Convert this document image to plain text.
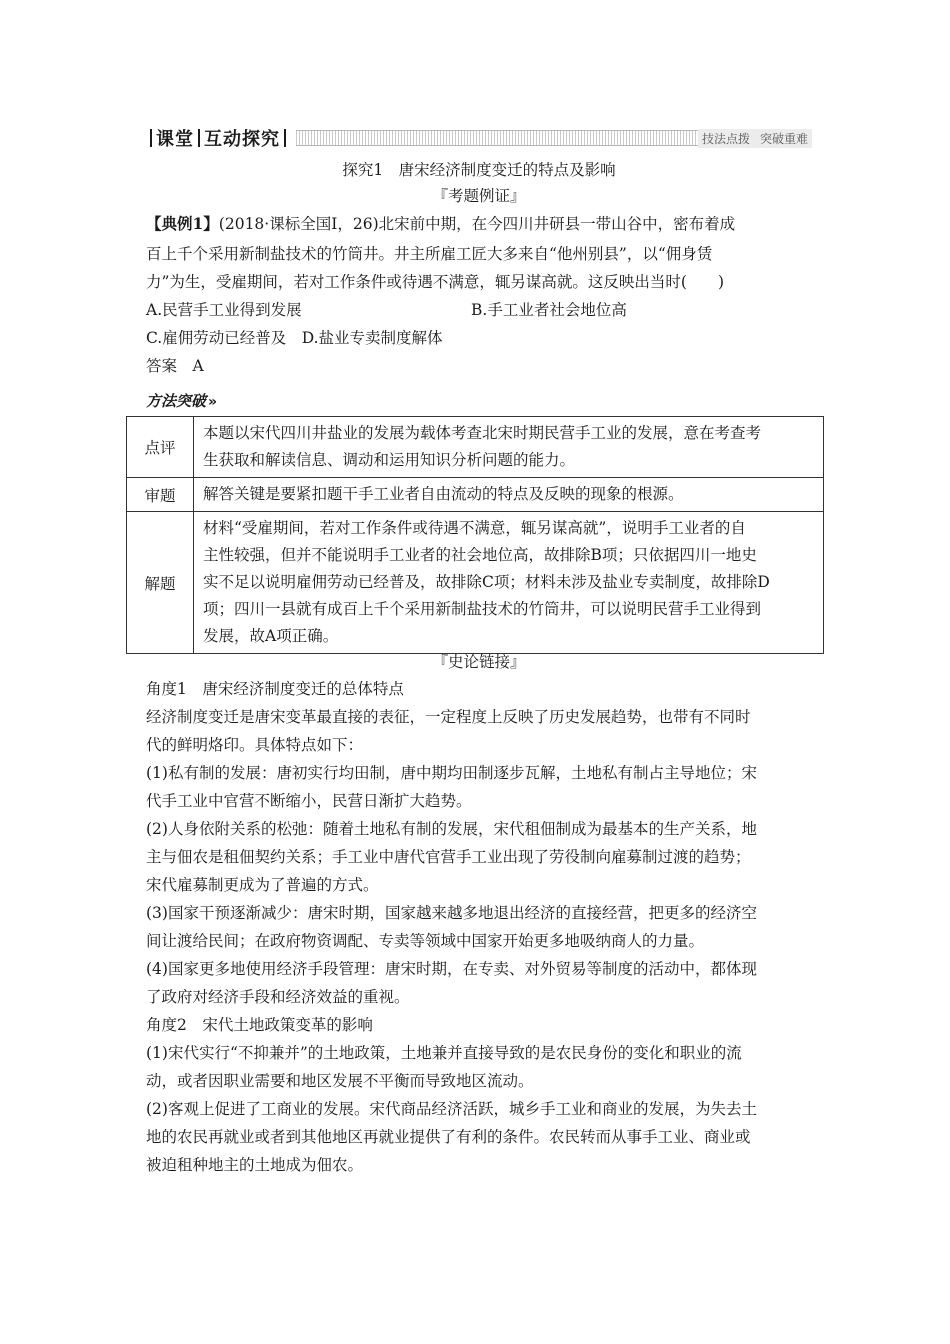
课堂 互动探究	技法点拨 突破重难
探究1　唐宋经济制度变迁的特点及影响
『考题例证』
【典例1】(2018·课标全国Ⅰ，26)北宋前中期，在今四川井研县一带山谷中，密布着成
百上千个采用新制盐技术的竹筒井。井主所雇工匠大多来自“他州别县”，以“佣身赁
力”为生，受雇期间，若对工作条件或待遇不满意，辄另谋高就。这反映出当时(　　)
A.民营手工业得到发展	B.手工业者社会地位高
C.雇佣劳动已经普及　D.盐业专卖制度解体
答案　A
方法突破 »
点评	本题以宋代四川井盐业的发展为载体考查北宋时期民营手工业的发展，意在考查考
生获取和解读信息、调动和运用知识分析问题的能力。

审题	解答关键是要紧扣题干手工业者自由流动的特点及反映的现象的根源。

解题	材料“受雇期间，若对工作条件或待遇不满意，辄另谋高就”，说明手工业者的自
主性较强，但并不能说明手工业者的社会地位高，故排除B项；只依据四川一地史
实不足以说明雇佣劳动已经普及，故排除C项；材料未涉及盐业专卖制度，故排除D
项；四川一县就有成百上千个采用新制盐技术的竹筒井，可以说明民营手工业得到
发展，故A项正确。
『史论链接』
角度1　唐宋经济制度变迁的总体特点
经济制度变迁是唐宋变革最直接的表征，一定程度上反映了历史发展趋势，也带有不同时
代的鲜明烙印。具体特点如下：
(1)私有制的发展：唐初实行均田制，唐中期均田制逐步瓦解，土地私有制占主导地位；宋
代手工业中官营不断缩小，民营日渐扩大趋势。
(2)人身依附关系的松弛：随着土地私有制的发展，宋代租佃制成为最基本的生产关系，地
主与佃农是租佃契约关系；手工业中唐代官营手工业出现了劳役制向雇募制过渡的趋势；
宋代雇募制更成为了普遍的方式。
(3)国家干预逐渐减少：唐宋时期，国家越来越多地退出经济的直接经营，把更多的经济空
间让渡给民间；在政府物资调配、专卖等领域中国家开始更多地吸纳商人的力量。
(4)国家更多地使用经济手段管理：唐宋时期，在专卖、对外贸易等制度的活动中，都体现
了政府对经济手段和经济效益的重视。
角度2　宋代土地政策变革的影响
(1)宋代实行“不抑兼并”的土地政策，土地兼并直接导致的是农民身份的变化和职业的流
动，或者因职业需要和地区发展不平衡而导致地区流动。
(2)客观上促进了工商业的发展。宋代商品经济活跃，城乡手工业和商业的发展，为失去土
地的农民再就业或者到其他地区再就业提供了有利的条件。农民转而从事手工业、商业或
被迫租种地主的土地成为佃农。
